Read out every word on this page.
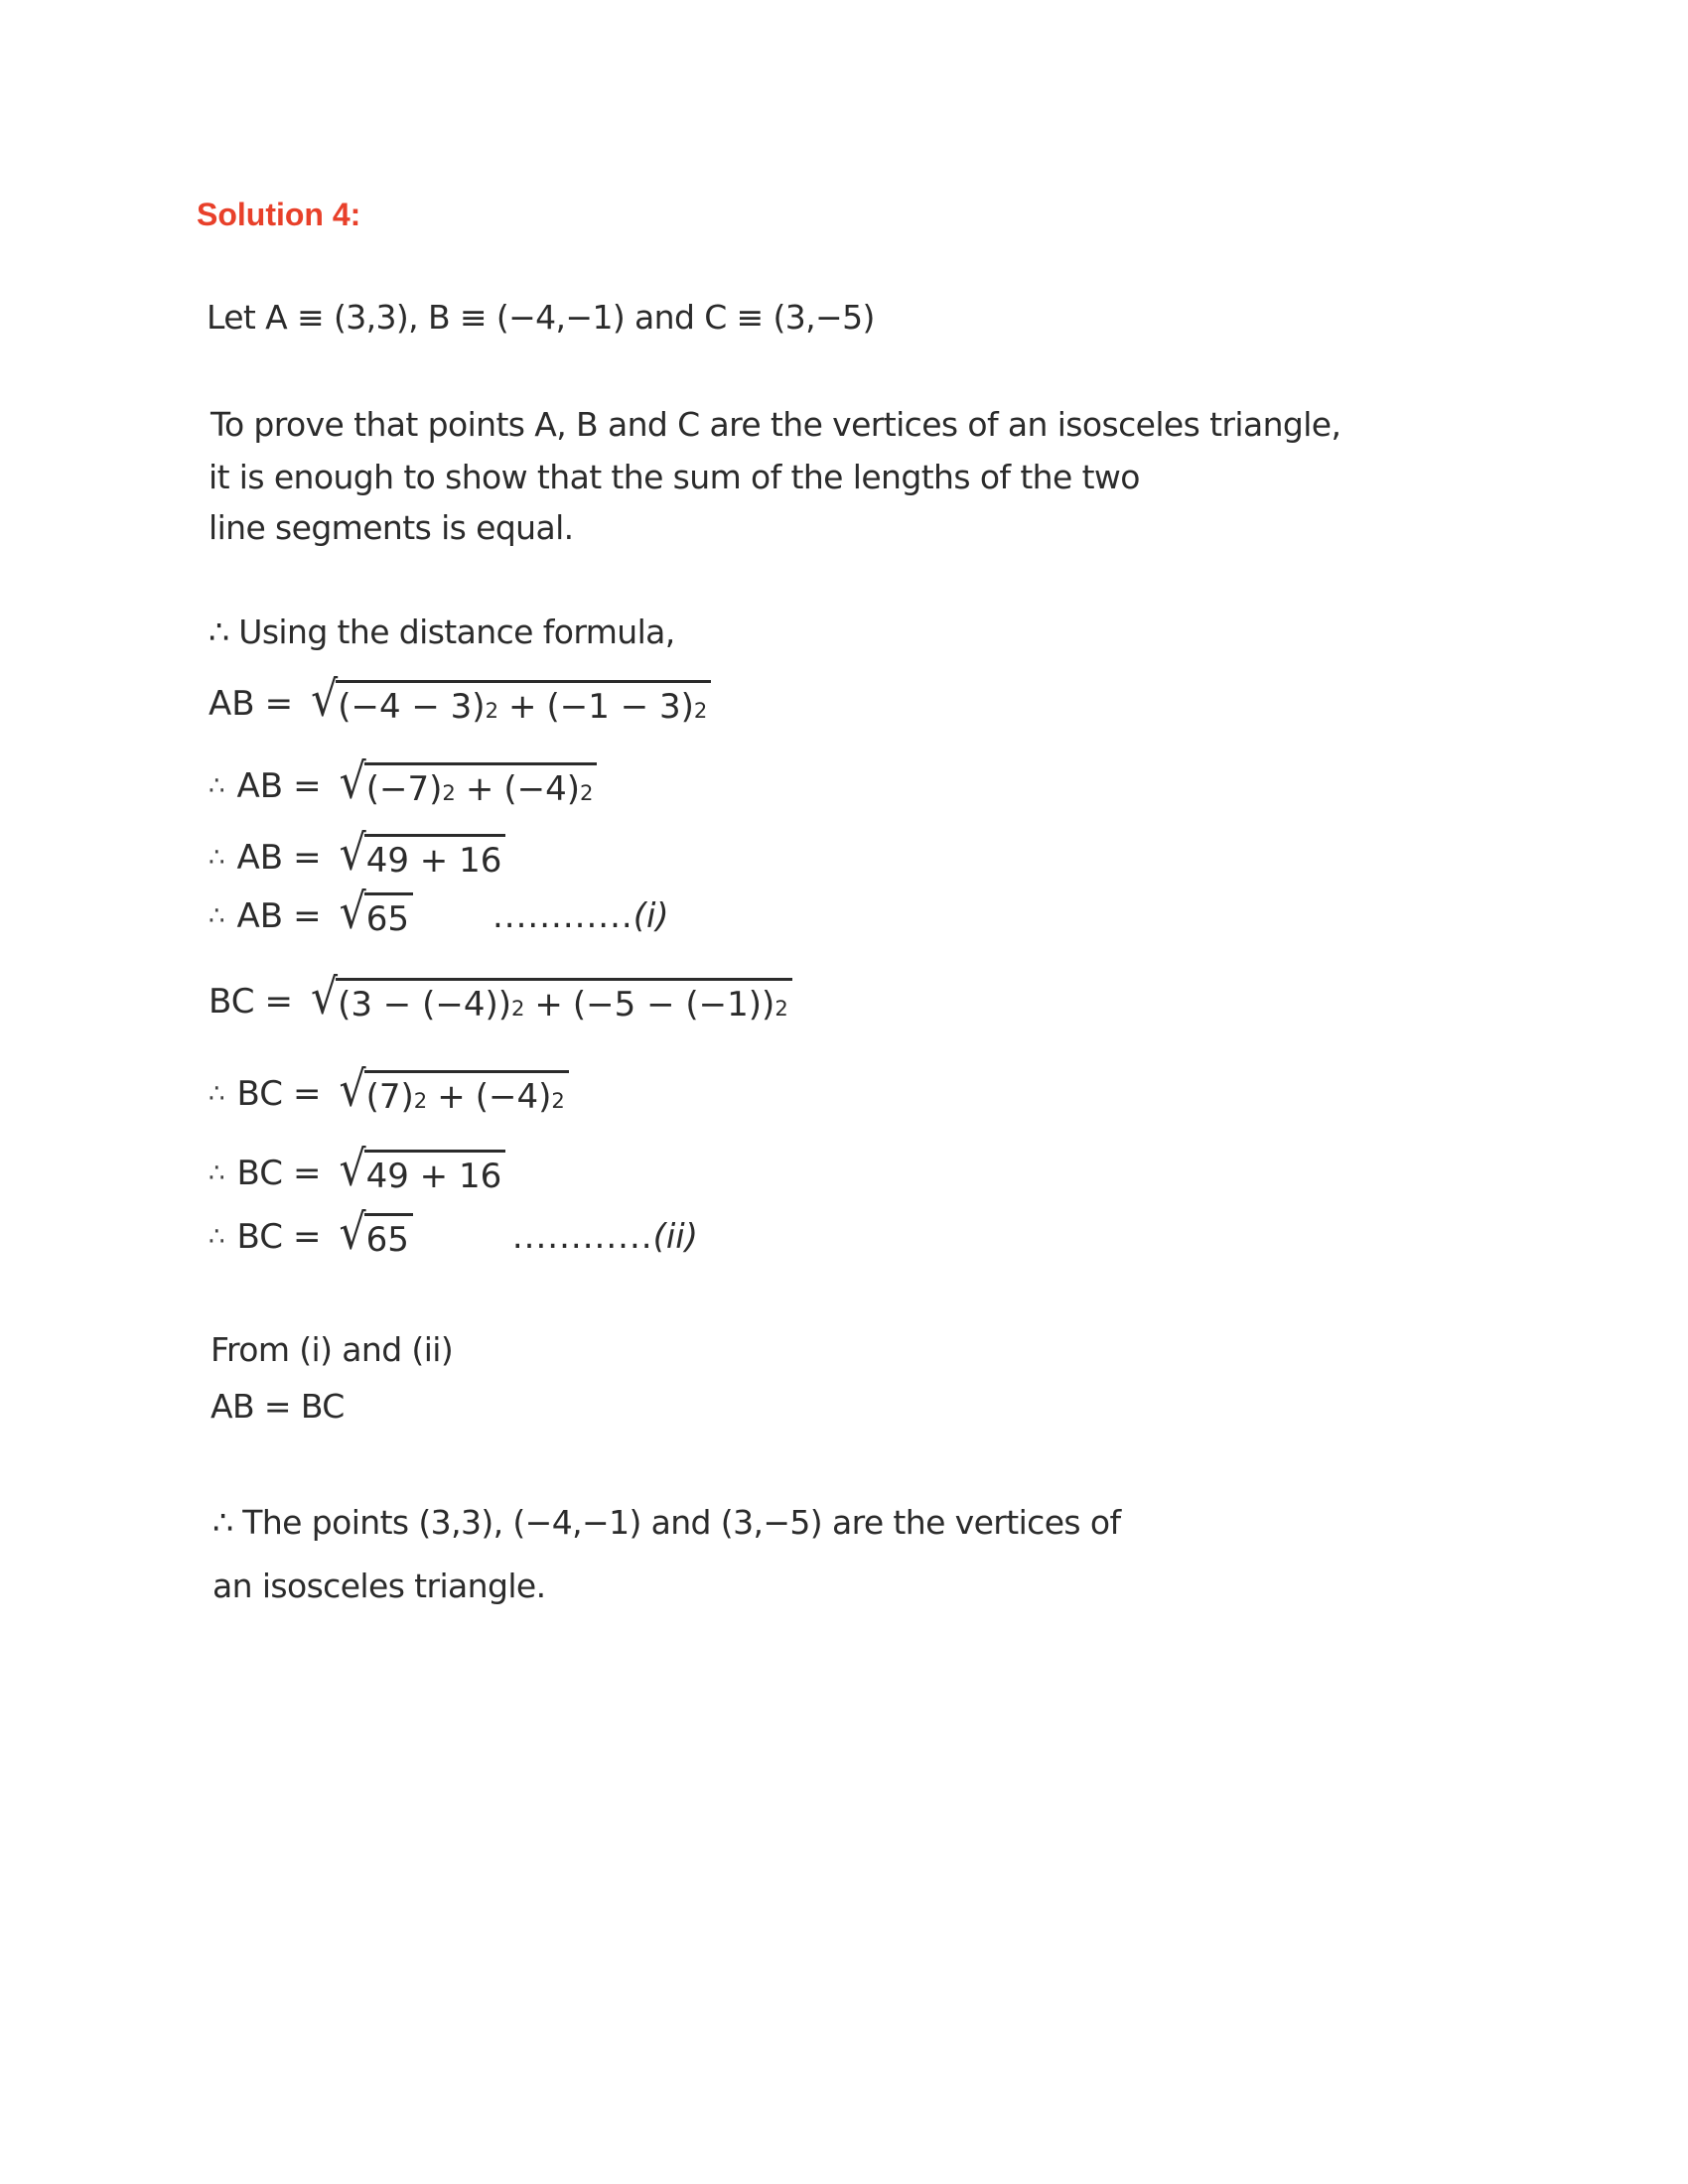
Solution 4:
Let A ≡ (3,3), B ≡ (−4,−1) and C ≡ (3,−5)
To prove that points A, B and C are the vertices of an isosceles triangle,
it is enough to show that the sum of the lengths of the two
line segments is equal.
∴ Using the distance formula,
AB = √ (−4 − 3) 2 + (−1 − 3) 2
∴ AB = √ (−7) 2 + (−4) 2
∴ AB = √ 49 + 16
∴ AB = √ 65 ............ (i)
BC = √ (3 − (−4)) 2 + (−5 − (−1)) 2
∴ BC = √ (7) 2 + (−4) 2
∴ BC = √ 49 + 16
∴ BC = √ 65	............ (ii)
From (i) and (ii)
AB = BC
∴ The points (3,3), (−4,−1) and (3,−5) are the vertices of
an isosceles triangle.
